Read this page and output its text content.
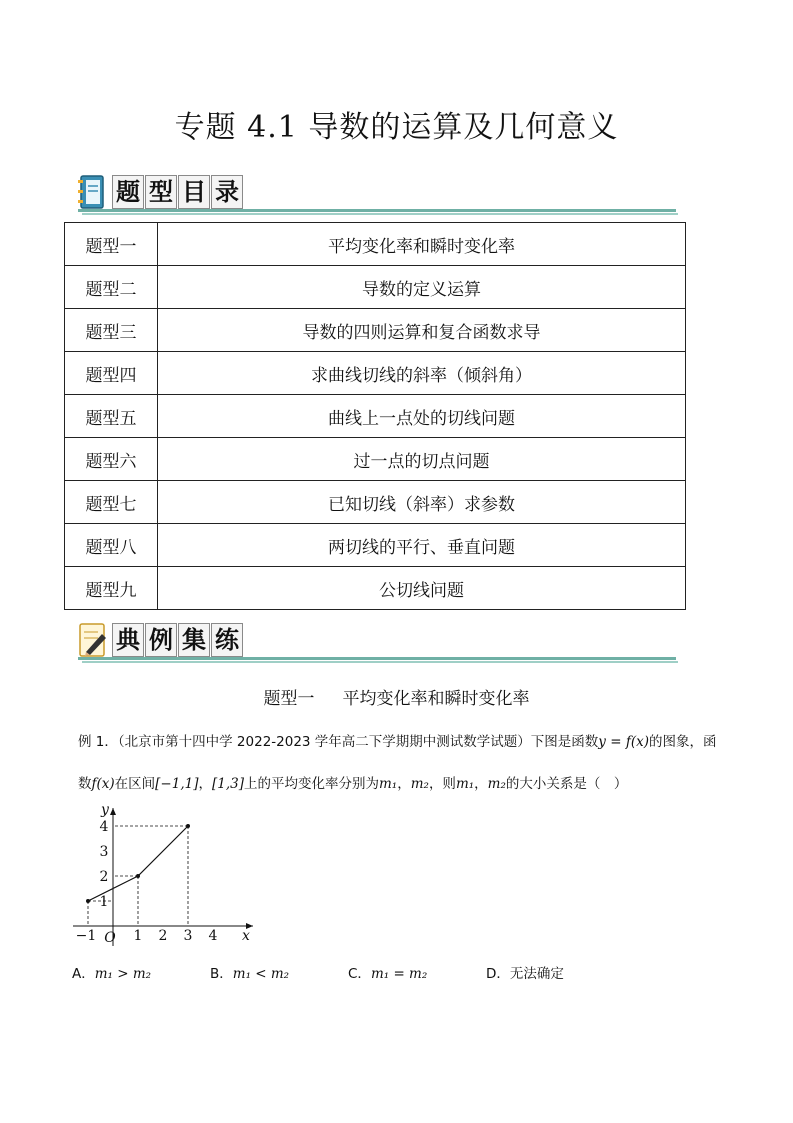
专题 4.1 导数的运算及几何意义
题 型 目 录
题型一	平均变化率和瞬时变化率
题型二	导数的定义运算
题型三	导数的四则运算和复合函数求导
题型四	求曲线切线的斜率（倾斜角）
题型五	曲线上一点处的切线问题
题型六	过一点的切点问题
题型七	已知切线（斜率）求参数
题型八	两切线的平行、垂直问题
题型九	公切线问题
典 例 集 练
题型一 平均变化率和瞬时变化率
例 1．（北京市第十四中学 2022-2023 学年高二下学期期中测试数学试题）下图是函数y = f(x)的图象，函
数f(x)在区间[−1,1]，[1,3]上的平均变化率分别为m₁，m₂，则m₁，m₂的大小关系是（　）
y
x
O
−1	1 2 3 4
1
2
3
4
A．m₁ > m₂	B．m₁ < m₂	C．m₁ = m₂	D．无法确定
